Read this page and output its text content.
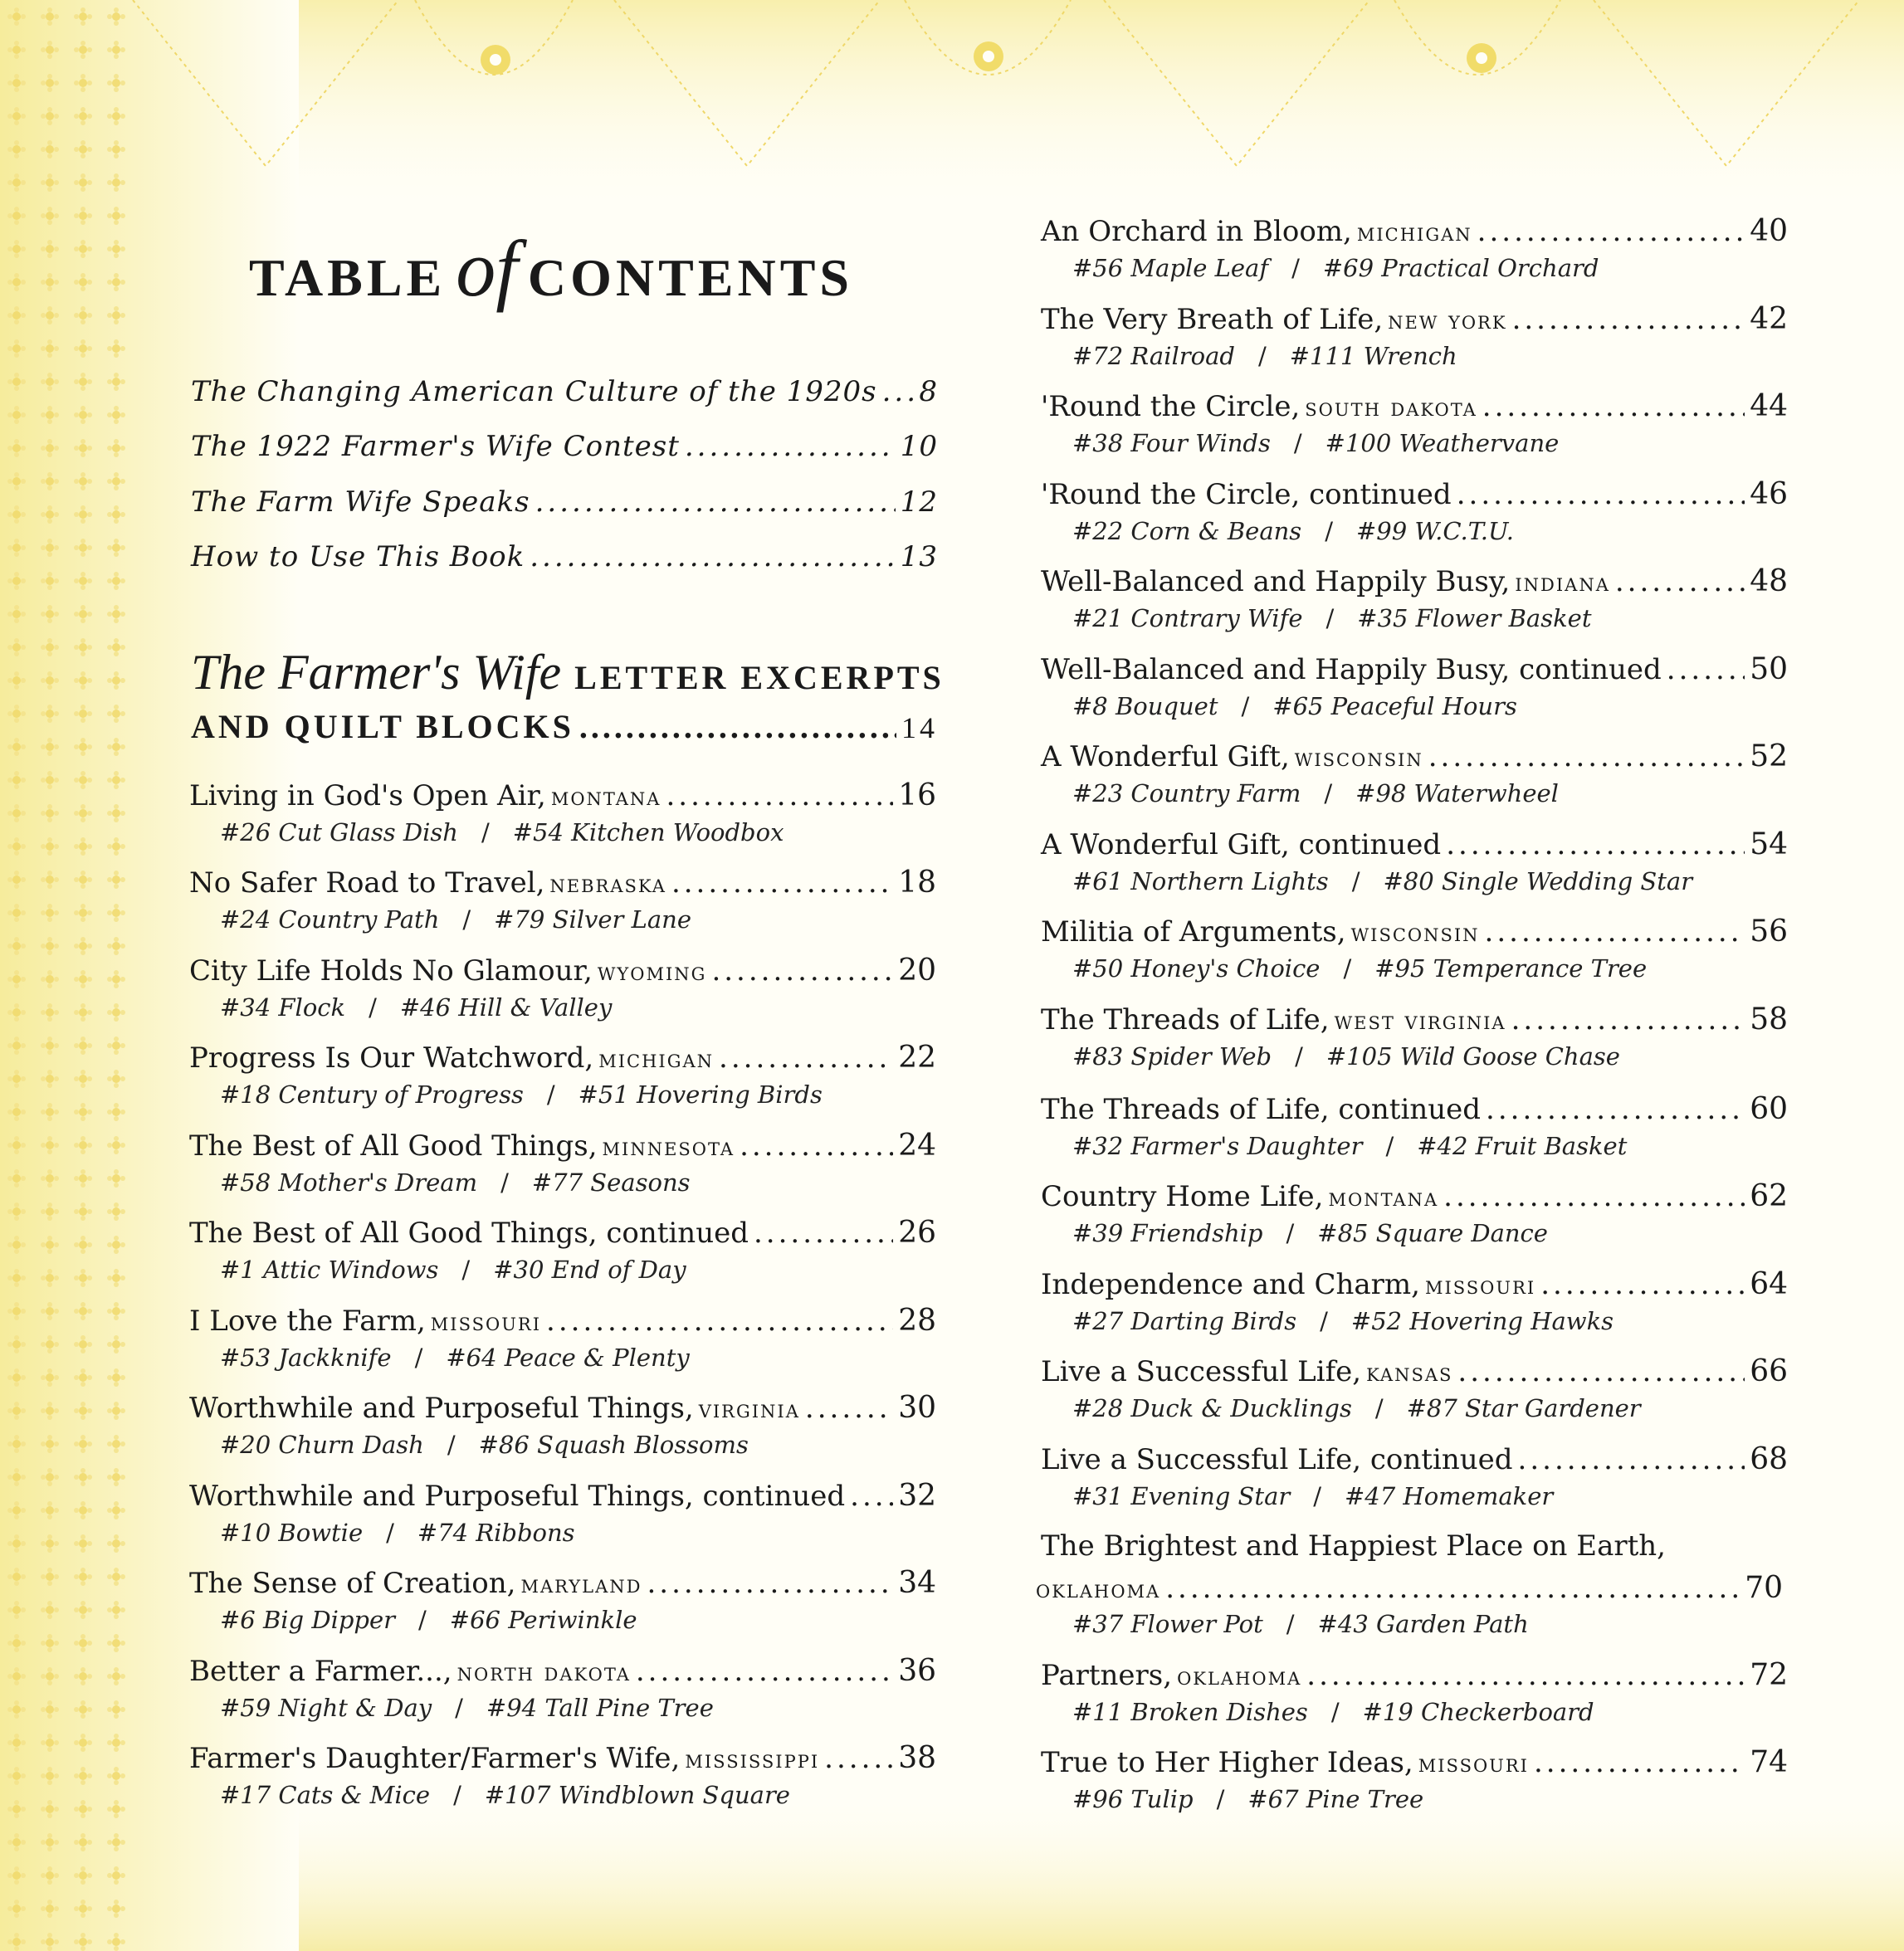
TABLE of CONTENTS
The Changing American Culture of the 1920s ..... 8
The 1922 Farmer's Wife Contest .....	10
The Farm Wife Speaks .....	12
How to Use This Book .....	13
The Farmer's Wife LETTER EXCERPTS
AND QUILT BLOCKS .....	14
Living in God's Open Air, montana .....	16
#26 Cut Glass Dish / #54 Kitchen Woodbox
No Safer Road to Travel, nebraska .....	18
#24 Country Path / #79 Silver Lane
City Life Holds No Glamour, wyoming .....	20
#34 Flock / #46 Hill & Valley
Progress Is Our Watchword, michigan .....	22
#18 Century of Progress / #51 Hovering Birds
The Best of All Good Things, minnesota .....	24
#58 Mother's Dream / #77 Seasons
The Best of All Good Things, continued .....	26
#1 Attic Windows / #30 End of Day
I Love the Farm, missouri .....	28
#53 Jackknife / #64 Peace & Plenty
Worthwhile and Purposeful Things, virginia .....	30
#20 Churn Dash / #86 Squash Blossoms
Worthwhile and Purposeful Things, continued ..... 32
#10 Bowtie / #74 Ribbons
The Sense of Creation, maryland .....	34
#6 Big Dipper / #66 Periwinkle
Better a Farmer..., north dakota .....	36
#59 Night & Day / #94 Tall Pine Tree
Farmer's Daughter/Farmer's Wife, mississippi .....	38
#17 Cats & Mice / #107 Windblown Square
An Orchard in Bloom, michigan .....	40
#56 Maple Leaf / #69 Practical Orchard
The Very Breath of Life, new york .....	42
#72 Railroad / #111 Wrench
'Round the Circle, south dakota .....	44
#38 Four Winds / #100 Weathervane
'Round the Circle, continued .....	46
#22 Corn & Beans / #99 W.C.T.U.
Well-Balanced and Happily Busy, indiana .....	48
#21 Contrary Wife / #35 Flower Basket
Well-Balanced and Happily Busy, continued .....	50
#8 Bouquet / #65 Peaceful Hours
A Wonderful Gift, wisconsin .....	52
#23 Country Farm / #98 Waterwheel
A Wonderful Gift, continued .....	54
#61 Northern Lights / #80 Single Wedding Star
Militia of Arguments, wisconsin .....	56
#50 Honey's Choice / #95 Temperance Tree
The Threads of Life, west virginia .....	58
#83 Spider Web / #105 Wild Goose Chase
The Threads of Life, continued .....	60
#32 Farmer's Daughter / #42 Fruit Basket
Country Home Life, montana .....	62
#39 Friendship / #85 Square Dance
Independence and Charm, missouri .....	64
#27 Darting Birds / #52 Hovering Hawks
Live a Successful Life, kansas .....	66
#28 Duck & Ducklings / #87 Star Gardener
Live a Successful Life, continued .....	68
#31 Evening Star / #47 Homemaker
The Brightest and Happiest Place on Earth,
oklahoma .....	70
#37 Flower Pot / #43 Garden Path
Partners, oklahoma .....	72
#11 Broken Dishes / #19 Checkerboard
True to Her Higher Ideas, missouri .....	74
#96 Tulip / #67 Pine Tree
